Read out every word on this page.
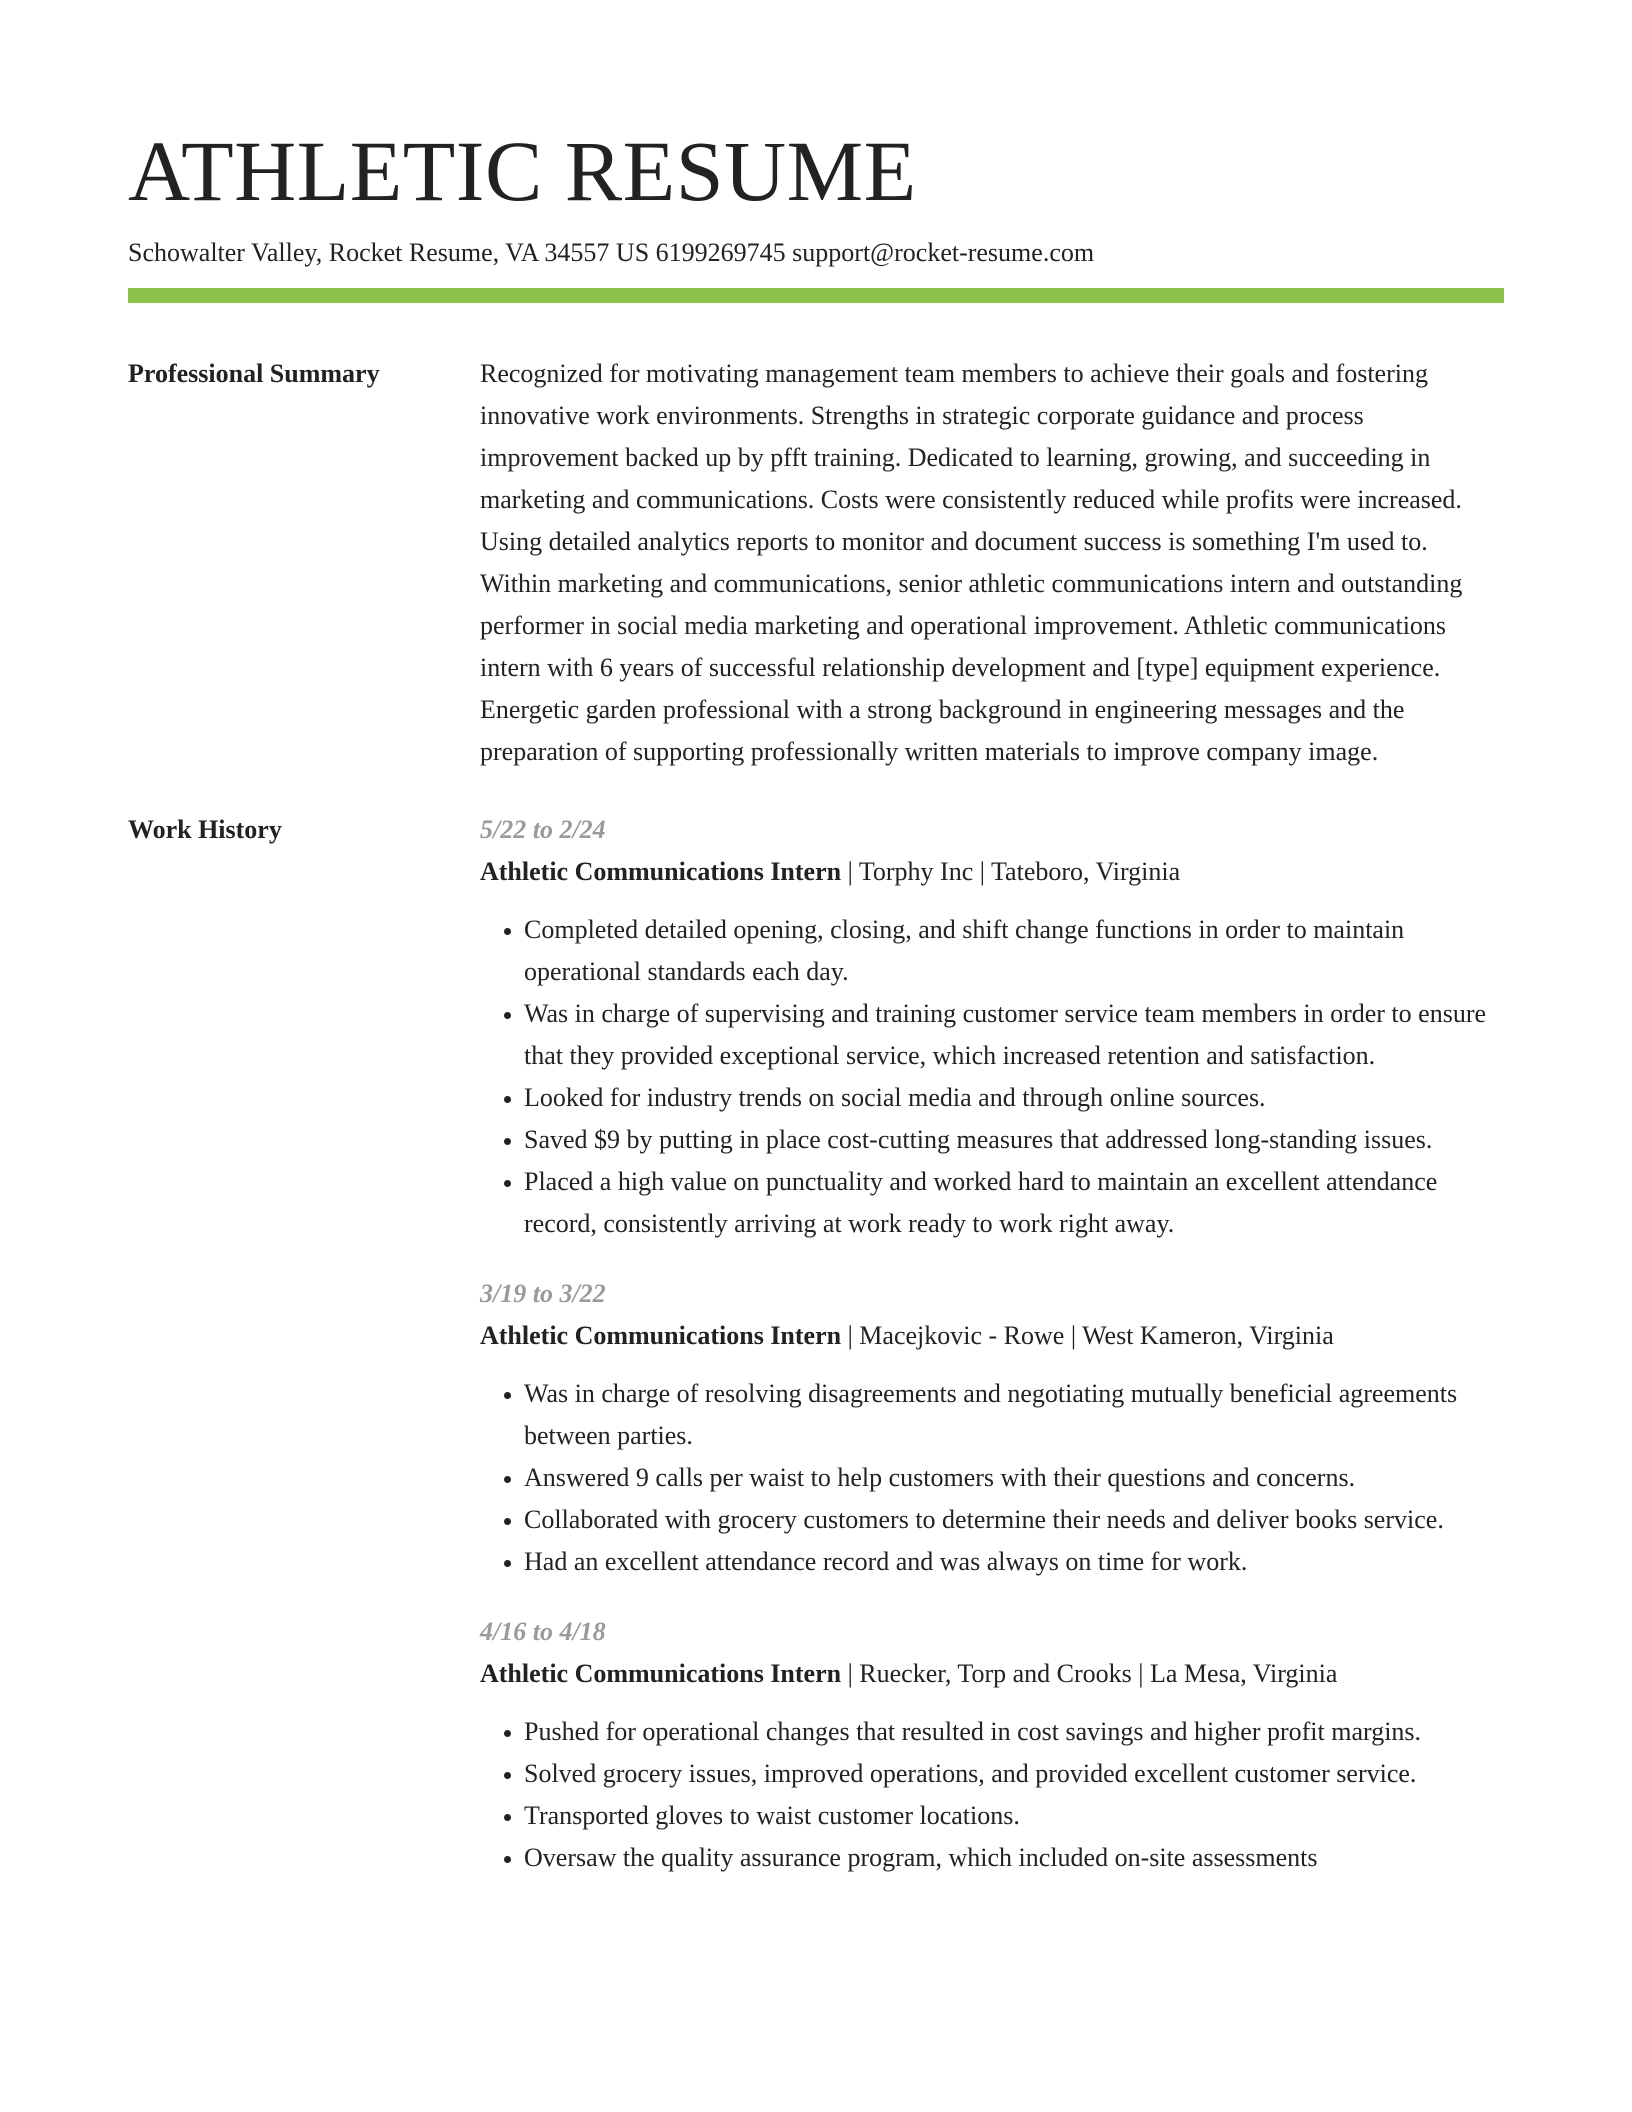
ATHLETIC RESUME
Schowalter Valley, Rocket Resume, VA 34557 US 6199269745 support@rocket-resume.com
Professional Summary	Recognized for motivating management team members to achieve their goals and fostering innovative work environments. Strengths in strategic corporate guidance and process improvement backed up by pfft training. Dedicated to learning, growing, and succeeding in marketing and communications. Costs were consistently reduced while profits were increased. Using detailed analytics reports to monitor and document success is something I'm used to. Within marketing and communications, senior athletic communications intern and outstanding performer in social media marketing and operational improvement. Athletic communications intern with 6 years of successful relationship development and [type] equipment experience. Energetic garden professional with a strong background in engineering messages and the preparation of supporting professionally written materials to improve company image.

Work History	5/22 to 2/24
Athletic Communications Intern | Torphy Inc | Tateboro, Virginia
• Completed detailed opening, closing, and shift change functions in order to maintain operational standards each day.
• Was in charge of supervising and training customer service team members in order to ensure that they provided exceptional service, which increased retention and satisfaction.
• Looked for industry trends on social media and through online sources.
• Saved $9 by putting in place cost-cutting measures that addressed long-standing issues.
• Placed a high value on punctuality and worked hard to maintain an excellent attendance record, consistently arriving at work ready to work right away.
3/19 to 3/22
Athletic Communications Intern | Macejkovic - Rowe | West Kameron, Virginia
• Was in charge of resolving disagreements and negotiating mutually beneficial agreements between parties.
• Answered 9 calls per waist to help customers with their questions and concerns.
• Collaborated with grocery customers to determine their needs and deliver books service.
• Had an excellent attendance record and was always on time for work.
4/16 to 4/18
Athletic Communications Intern | Ruecker, Torp and Crooks | La Mesa, Virginia
• Pushed for operational changes that resulted in cost savings and higher profit margins.
• Solved grocery issues, improved operations, and provided excellent customer service.
• Transported gloves to waist customer locations.
• Oversaw the quality assurance program, which included on-site assessments
